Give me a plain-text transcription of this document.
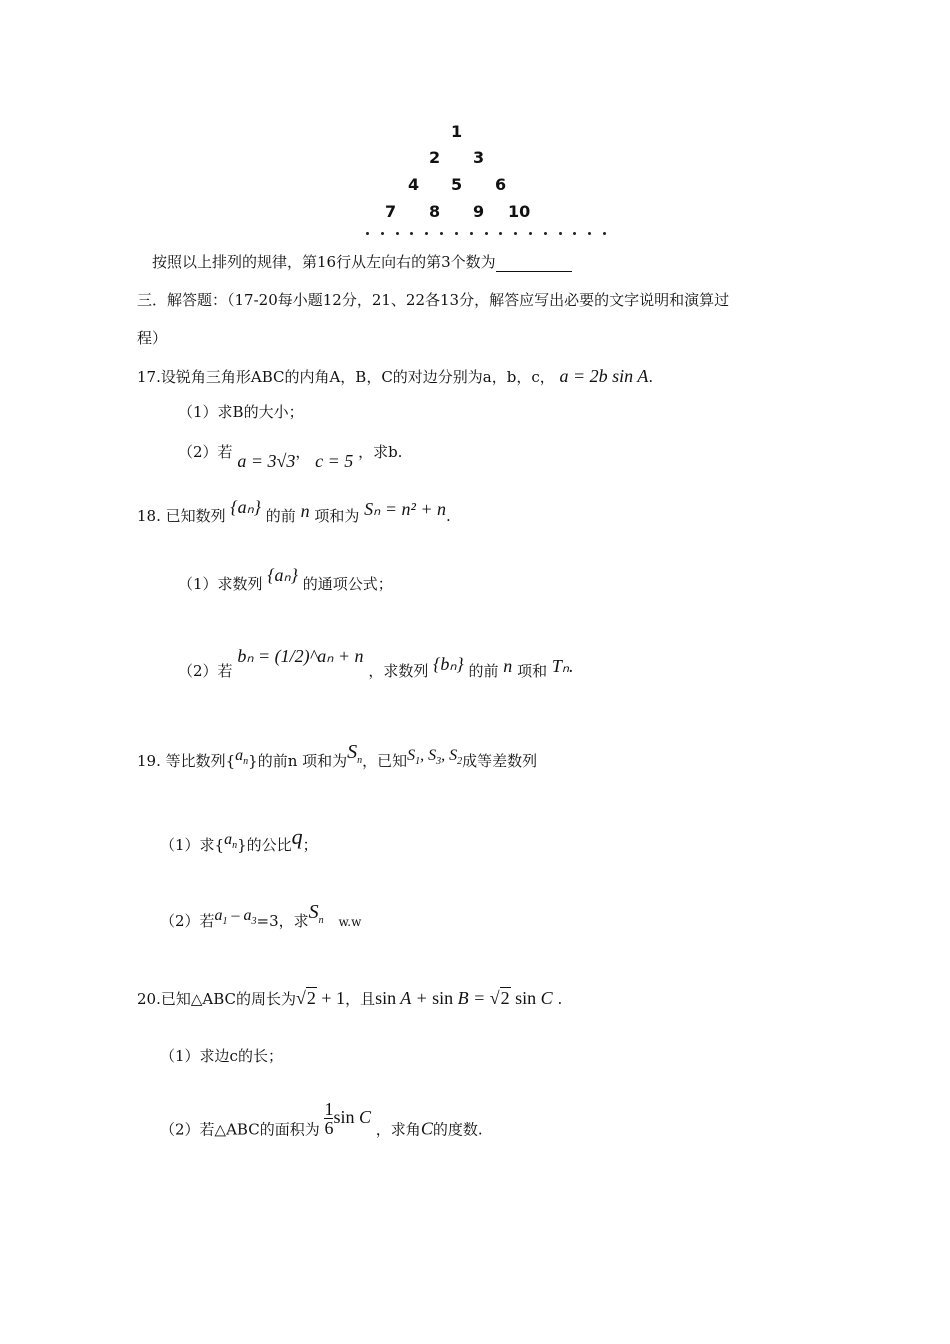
1
2 3
4 5 6
7 8 9 10
按照以上排列的规律，第16行从左向右的第3个数为
三．解答题：（17-20每小题12分，21、22各13分，解答应写出必要的文字说明和演算过
程）
17.设锐角三角形ABC的内角A，B，C的对边分别为a，b，c， a = 2b sin A.
（1）求B的大小；
（2）若 a = 3√3， c = 5 ，求b.
18. 已知数列 {aₙ} 的前 n 项和为 Sₙ = n² + n.
（1）求数列 {aₙ} 的通项公式；
（2）若 bₙ = (1/2)^aₙ + n ，求数列 {bₙ} 的前 n 项和 Tₙ.
19. 等比数列$\{a_n\}$的前n 项和为$S_n$，已知$S_1$, $S_3$, $S_2$成等差数列
（1）求$\{a_n\}$的公比q；
（2）若$a_1 - a_3=3$，求$S_n$ w.w
20.已知△ABC的周长为√2 + 1，且sin A + sin B = √2 sin C .
（1）求边c的长；
（2）若△ABC的面积为 $\frac{1}{6}$ sin C ，求角C的度数.
